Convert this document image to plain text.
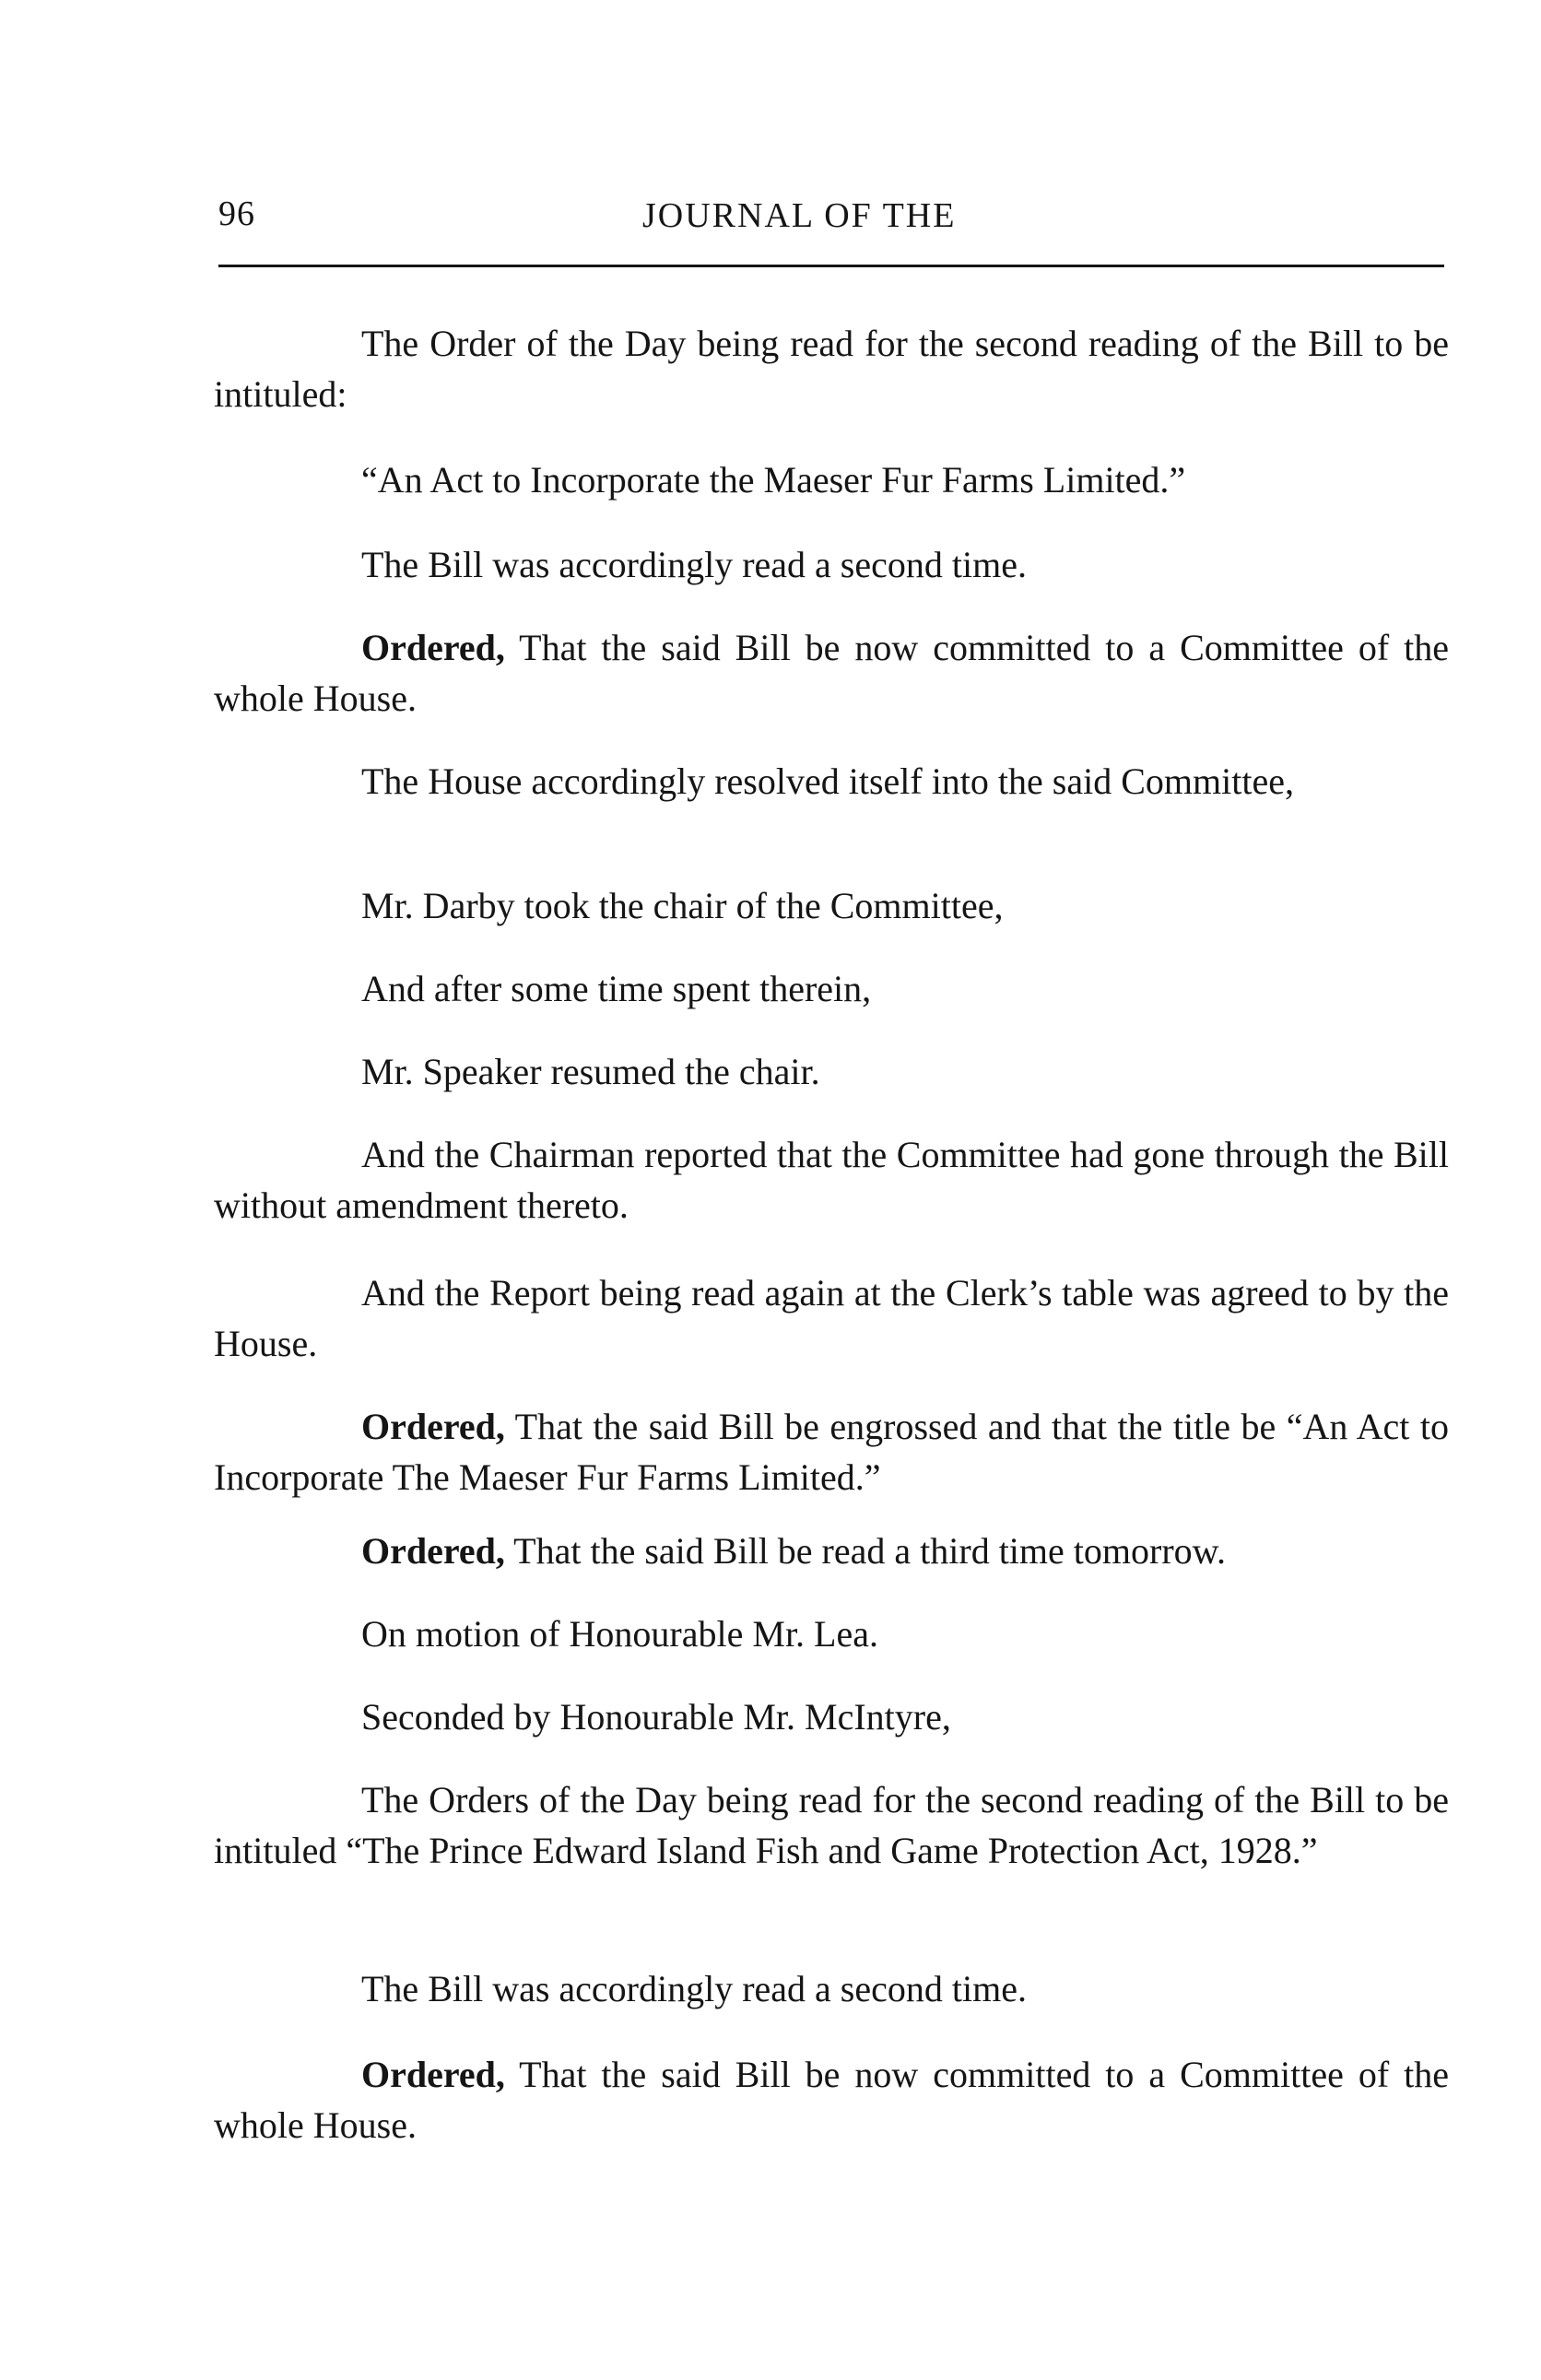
96	JOURNAL OF THE

The Order of the Day being read for the second reading of the Bill to be intituled:

“An Act to Incorporate the Maeser Fur Farms Limited.”

The Bill was accordingly read a second time.

Ordered, That the said Bill be now committed to a Committee of the whole House.

The House accordingly resolved itself into the said Committee,

Mr. Darby took the chair of the Committee,

And after some time spent therein,

Mr. Speaker resumed the chair.

And the Chairman reported that the Committee had gone through the Bill without amendment thereto.

And the Report being read again at the Clerk’s table was agreed to by the House.

Ordered, That the said Bill be engrossed and that the title be “An Act to Incorporate The Maeser Fur Farms Limited.”

Ordered, That the said Bill be read a third time tomorrow.

On motion of Honourable Mr. Lea.

Seconded by Honourable Mr. McIntyre,

The Orders of the Day being read for the second reading of the Bill to be intituled “The Prince Edward Island Fish and Game Protection Act, 1928.”

The Bill was accordingly read a second time.

Ordered, That the said Bill be now committed to a Committee of the whole House.
